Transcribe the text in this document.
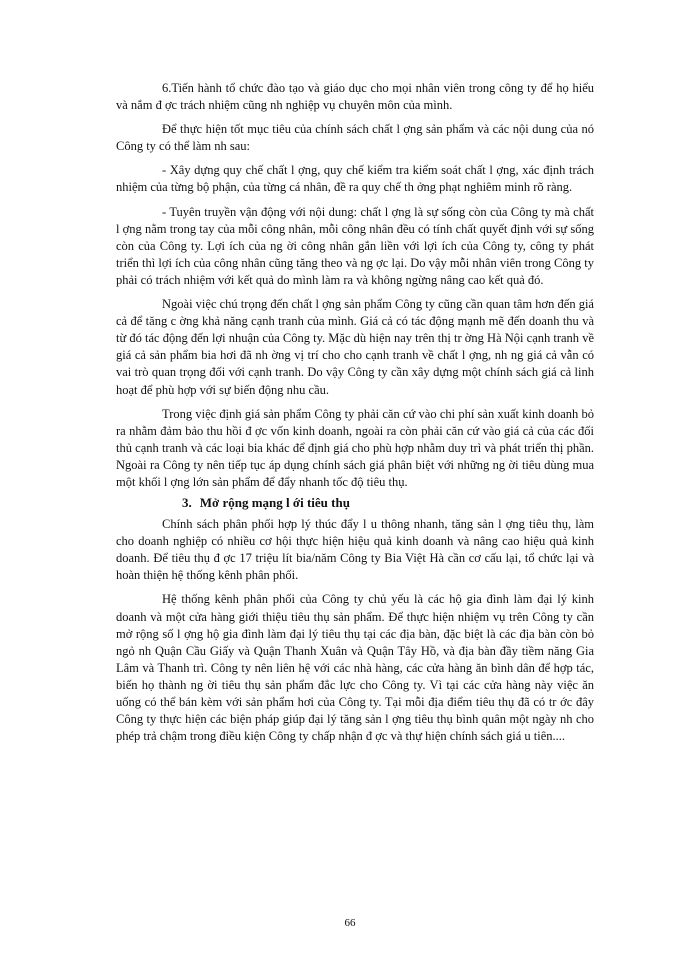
6.Tiến hành tổ chức đào tạo và giáo dục cho mọi nhân viên trong công ty để họ hiểu và nắm đ ợc trách nhiệm cũng nh nghiệp vụ chuyên môn của mình.

Để thực hiện tốt mục tiêu của chính sách chất l ợng sản phẩm và các nội dung của nó Công ty có thể làm nh sau:

- Xây dựng quy chế chất l ợng, quy chế kiểm tra kiểm soát chất l ợng, xác định trách nhiệm của từng bộ phận, của từng cá nhân, đề ra quy chế th ởng phạt nghiêm minh rõ ràng.

- Tuyên truyền vận động với nội dung: chất l ợng là sự sống còn của Công ty mà chất l ợng nằm trong tay của mỗi công nhân, mỗi công nhân đều có tính chất quyết định với sự sống còn của Công ty. Lợi ích của ng ời công nhân gắn liền với lợi ích của Công ty, công ty phát triển thì lợi ích của công nhân cũng tăng theo và ng ợc lại. Do vậy mỗi nhân viên trong Công ty phải có trách nhiệm với kết quả do mình làm ra và không ngừng nâng cao kết quả đó.

Ngoài việc chú trọng đến chất l ợng sản phẩm Công ty cũng cần quan tâm hơn đến giá cả để tăng c ờng khả năng cạnh tranh của mình. Giá cả có tác động mạnh mẽ đến doanh thu và từ đó tác động đến lợi nhuận của Công ty. Mặc dù hiện nay trên thị tr ờng Hà Nội cạnh tranh về giá cả sản phẩm bia hơi đã nh ờng vị trí cho cho cạnh tranh về chất l ợng, nh ng giá cả vẫn có vai trò quan trọng đối với cạnh tranh. Do vậy Công ty cần xây dựng một chính sách giá cả linh hoạt để phù hợp với sự biến động nhu cầu.

Trong việc định giá sản phẩm Công ty phải căn cứ vào chi phí sản xuất kinh doanh bỏ ra nhằm đảm bảo thu hồi đ ợc vốn kinh doanh, ngoài ra còn phải căn cứ vào giá cả của các đối thủ cạnh tranh và các loại bia khác để định giá cho phù hợp nhằm duy trì và phát triển thị phần. Ngoài ra Công ty nên tiếp tục áp dụng chính sách giá phân biệt với những ng ời tiêu dùng mua một khối l ợng lớn sản phẩm để đẩy nhanh tốc độ tiêu thụ.

3. Mở rộng mạng l ới tiêu thụ

Chính sách phân phối hợp lý thúc đẩy l u thông nhanh, tăng sản l ợng tiêu thụ, làm cho doanh nghiệp có nhiều cơ hội thực hiện hiệu quả kinh doanh và nâng cao hiệu quả kinh doanh. Để tiêu thụ đ ợc 17 triệu lít bia/năm Công ty Bia Việt Hà cần cơ cấu lại, tổ chức lại và hoàn thiện hệ thống kênh phân phối.

Hệ thống kênh phân phối của Công ty chủ yếu là các hộ gia đình làm đại lý kinh doanh và một cửa hàng giới thiệu tiêu thụ sản phẩm. Để thực hiện nhiệm vụ trên Công ty cần mở rộng số l ợng hộ gia đình làm đại lý tiêu thụ tại các địa bàn, đặc biệt là các địa bàn còn bỏ ngỏ nh Quận Cầu Giấy và Quận Thanh Xuân và Quận Tây Hồ, và địa bàn đầy tiềm năng Gia Lâm và Thanh trì. Công ty nên liên hệ với các nhà hàng, các cửa hàng ăn bình dân để hợp tác, biến họ thành ng ời tiêu thụ sản phẩm đắc lực cho Công ty. Vì tại các cửa hàng này việc ăn uống có thể bán kèm với sản phẩm hơi của Công ty. Tại mỗi địa điểm tiêu thụ đã có tr ớc đây Công ty thực hiện các biện pháp giúp đại lý tăng sản l ợng tiêu thụ bình quân một ngày nh cho phép trả chậm trong điều kiện Công ty chấp nhận đ ợc và thự hiện chính sách giá u tiên....

66
